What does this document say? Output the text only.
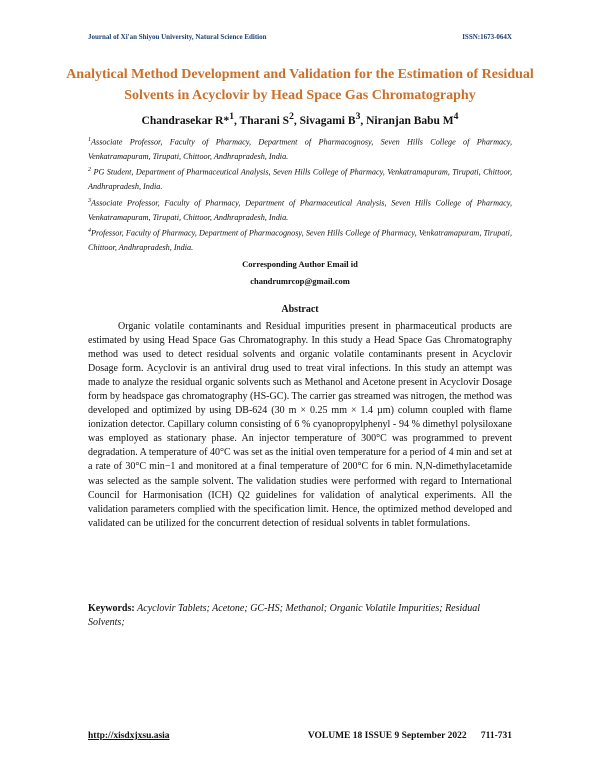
Journal of Xi'an Shiyou University, Natural Science Edition	ISSN:1673-064X
Analytical Method Development and Validation for the Estimation of Residual Solvents in Acyclovir by Head Space Gas Chromatography
Chandrasekar R*$^1$, Tharani $S^2$, Sivagami $B^3$, Niranjan Babu $M^4$
$^1$Associate Professor, Faculty of Pharmacy, Department of Pharmacognosy, Seven Hills College of Pharmacy, Venkatramapuram, Tirupati, Chittoor, Andhrapradesh, India.
$^2$ PG Student, Department of Pharmaceutical Analysis, Seven Hills College of Pharmacy, Venkatramapuram, Tirupati, Chittoor, Andhrapradesh, India.
$^3$Associate Professor, Faculty of Pharmacy, Department of Pharmaceutical Analysis, Seven Hills College of Pharmacy, Venkatramapuram, Tirupati, Chittoor, Andhrapradesh, India.
$^4$Professor, Faculty of Pharmacy, Department of Pharmacognosy, Seven Hills College of Pharmacy, Venkatramapuram, Tirupati, Chittoor, Andhrapradesh, India.
Corresponding Author Email id
chandrumrcop@gmail.com
Abstract

Organic volatile contaminants and Residual impurities present in pharmaceutical products are estimated by using Head Space Gas Chromatography. In this study a Head Space Gas Chromatography method was used to detect residual solvents and organic volatile contaminants present in Acyclovir Dosage form. Acyclovir is an antiviral drug used to treat viral infections. In this study an attempt was made to analyze the residual organic solvents such as Methanol and Acetone present in Acyclovir Dosage form by headspace gas chromatography (HS-GC). The carrier gas streamed was nitrogen, the method was developed and optimized by using DB-624 (30 m × 0.25 mm × 1.4 µm) column coupled with flame ionization detector. Capillary column consisting of 6 % cyanopropylphenyl - 94 % dimethyl polysiloxane was employed as stationary phase. An injector temperature of 300°C was programmed to prevent degradation. A temperature of 40°C was set as the initial oven temperature for a period of 4 min and set at a rate of 30°C min−1 and monitored at a final temperature of 200°C for 6 min. N,N-dimethylacetamide was selected as the sample solvent. The validation studies were performed with regard to International Council for Harmonisation (ICH) Q2 guidelines for validation of analytical experiments. All the validation parameters complied with the specification limit. Hence, the optimized method developed and validated can be utilized for the concurrent detection of residual solvents in tablet formulations.

Keywords: Acyclovir Tablets; Acetone; GC-HS; Methanol; Organic Volatile Impurities; Residual Solvents;

http://xisdxjxsu.asia	VOLUME 18 ISSUE 9 September 2022 711-731
